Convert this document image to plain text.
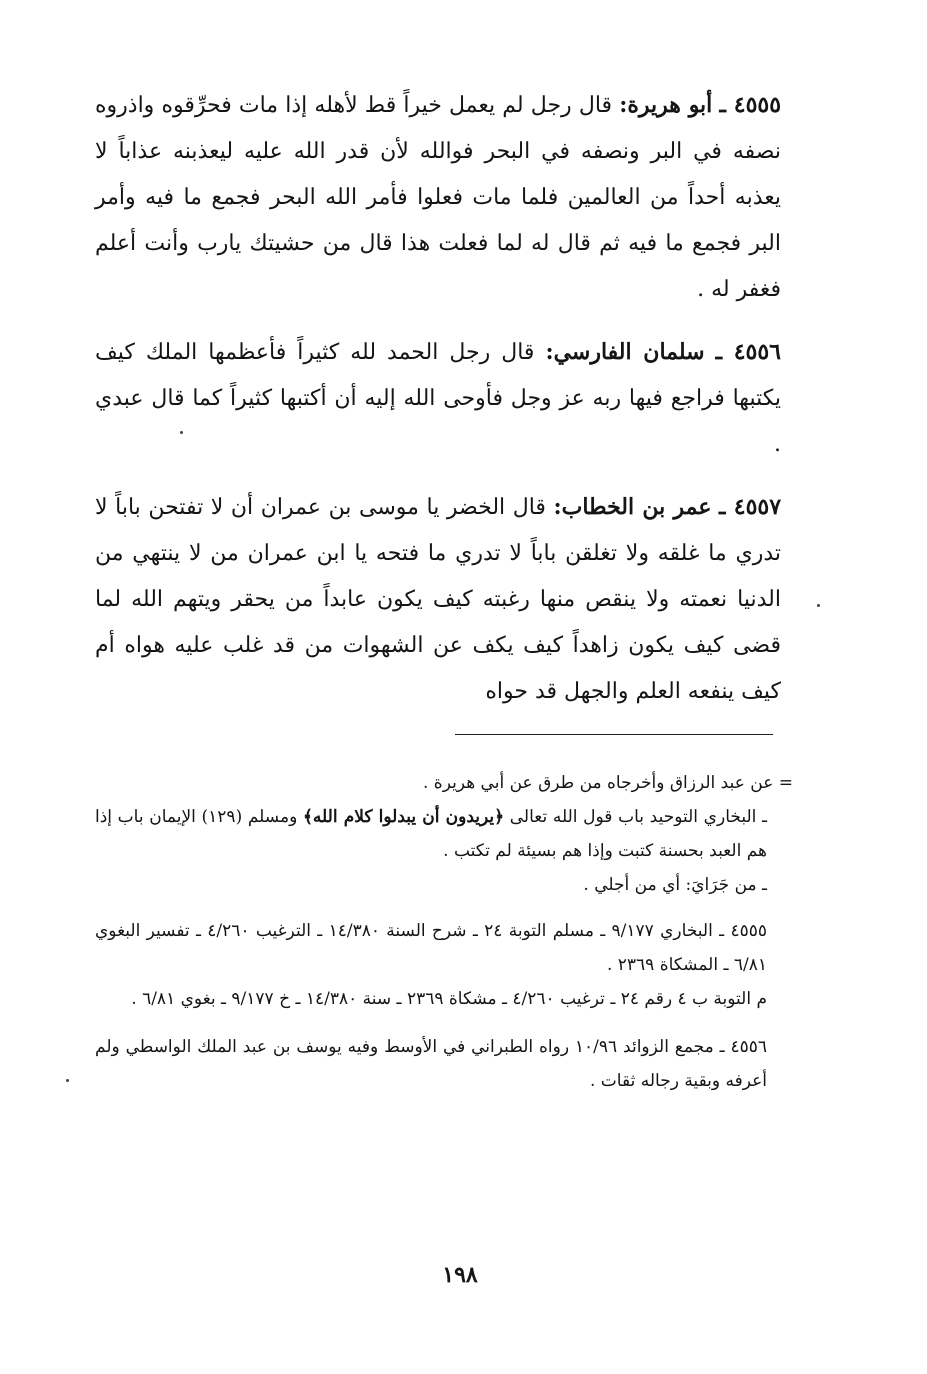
٤٥٥٥ ـ أبو هريرة: قال رجل لم يعمل خيراً قط لأهله إذا مات فحرِّقوه واذروه نصفه في البر ونصفه في البحر فوالله لأن قدر الله عليه ليعذبنه عذاباً لا يعذبه أحداً من العالمين فلما مات فعلوا فأمر الله البحر فجمع ما فيه وأمر البر فجمع ما فيه ثم قال له لما فعلت هذا قال من حشيتك يارب وأنت أعلم فغفر له .

٤٥٥٦ ـ سلمان الفارسي: قال رجل الحمد لله كثيراً فأعظمها الملك كيف يكتبها فراجع فيها ربه عز وجل فأوحى الله إليه أن أكتبها كثيراً كما قال عبدي .

٤٥٥٧ ـ عمر بن الخطاب: قال الخضر يا موسى بن عمران أن لا تفتحن باباً لا تدري ما غلقه ولا تغلقن باباً لا تدري ما فتحه يا ابن عمران من لا ينتهي من الدنيا نعمته ولا ينقص منها رغبته كيف يكون عابداً من يحقر ويتهم الله لما قضى كيف يكون زاهداً كيف يكف عن الشهوات من قد غلب عليه هواه أم كيف ينفعه العلم والجهل قد حواه

= عن عبد الرزاق وأخرجاه من طرق عن أبي هريرة .

ـ البخاري التوحيد باب قول الله تعالى ﴿يريدون أن يبدلوا كلام الله﴾ ومسلم (١٢٩) الإيمان باب إذا هم العبد بحسنة كتبت وإذا هم بسيئة لم تكتب .

ـ من جَرَايَ: أي من أجلي .

٤٥٥٥ ـ البخاري ٩/١٧٧ ـ مسلم التوبة ٢٤ ـ شرح السنة ١٤/٣٨٠ ـ الترغيب ٤/٢٦٠ ـ تفسير البغوي ٦/٨١ ـ المشكاة ٢٣٦٩ .

م التوبة ب ٤ رقم ٢٤ ـ ترغيب ٤/٢٦٠ ـ مشكاة ٢٣٦٩ ـ سنة ١٤/٣٨٠ ـ خ ٩/١٧٧ ـ بغوي ٦/٨١ .

٤٥٥٦ ـ مجمع الزوائد ١٠/٩٦ رواه الطبراني في الأوسط وفيه يوسف بن عبد الملك الواسطي ولم أعرفه وبقية رجاله ثقات .

١٩٨
